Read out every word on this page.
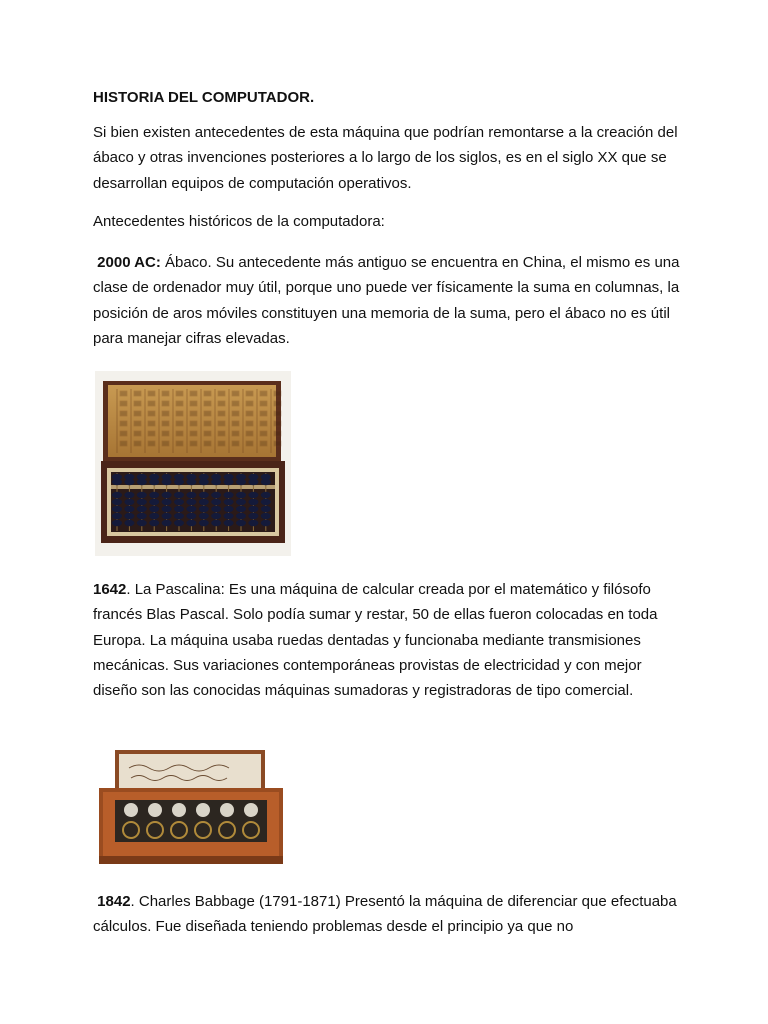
HISTORIA DEL COMPUTADOR.

Si bien existen antecedentes de esta máquina que podrían remontarse a la creación del ábaco y otras invenciones posteriores a lo largo de los siglos, es en el siglo XX que se desarrollan equipos de computación operativos.

Antecedentes históricos de la computadora:

2000 AC: Ábaco. Su antecedente más antiguo se encuentra en China, el mismo es una clase de ordenador muy útil, porque uno puede ver físicamente la suma en columnas, la posición de aros móviles constituyen una memoria de la suma, pero el ábaco no es útil para manejar cifras elevadas.

1642. La Pascalina: Es una máquina de calcular creada por el matemático y filósofo francés Blas Pascal. Solo podía sumar y restar, 50 de ellas fueron colocadas en toda Europa. La máquina usaba ruedas dentadas y funcionaba mediante transmisiones mecánicas. Sus variaciones contemporáneas provistas de electricidad y con mejor diseño son las conocidas máquinas sumadoras y registradoras de tipo comercial.

1842. Charles Babbage (1791-1871) Presentó la máquina de diferenciar que efectuaba cálculos. Fue diseñada teniendo problemas desde el principio ya que no
